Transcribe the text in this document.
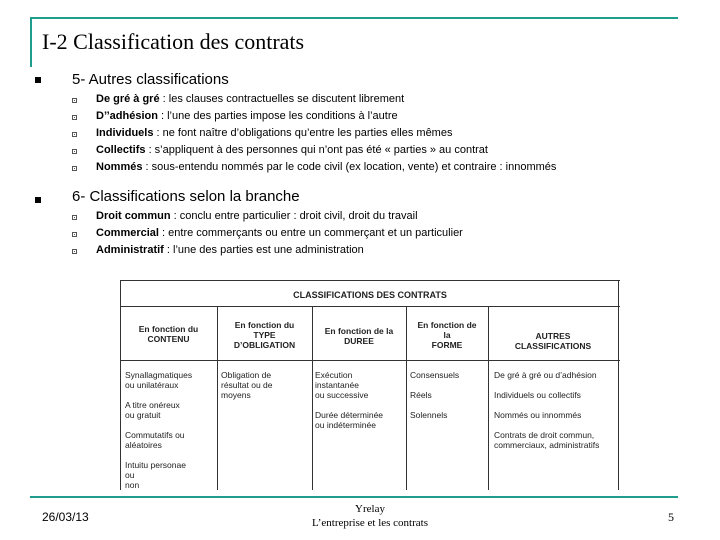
I-2 Classification des contrats
5- Autres classifications
De gré à gré : les clauses contractuelles se discutent librement
D’’adhésion : l’une des parties impose les conditions à l’autre
Individuels : ne font naître d’obligations qu’entre les parties elles mêmes
Collectifs : s’appliquent à des personnes qui n’ont pas été « parties » au contrat
Nommés : sous-entendu nommés par le code civil (ex location, vente) et contraire : innommés
6- Classifications selon la branche
Droit commun : conclu entre particulier : droit civil, droit du travail
Commercial : entre commerçants ou entre un commerçant et un particulier
Administratif : l’une des parties est une administration
CLASSIFICATIONS DES CONTRATS
En fonction du
CONTENU
En fonction du
TYPE
D’OBLIGATION
En fonction de la
DUREE
En fonction de
la
FORME
AUTRES
CLASSIFICATIONS
Synallagmatiques
ou unilatéraux
A titre onéreux
ou gratuit
Commutatifs ou
aléatoires
Intuitu personae
ou
non
Obligation de
résultat ou de
moyens
Exécution
instantanée
ou successive
Durée déterminée
ou indéterminée
Consensuels
Réels
Solennels
De gré à gré ou d’adhésion
Individuels ou collectifs
Nommés ou innommés
Contrats de droit commun,
commerciaux, administratifs
26/03/13
Yrelay
L’entreprise et les contrats	5
